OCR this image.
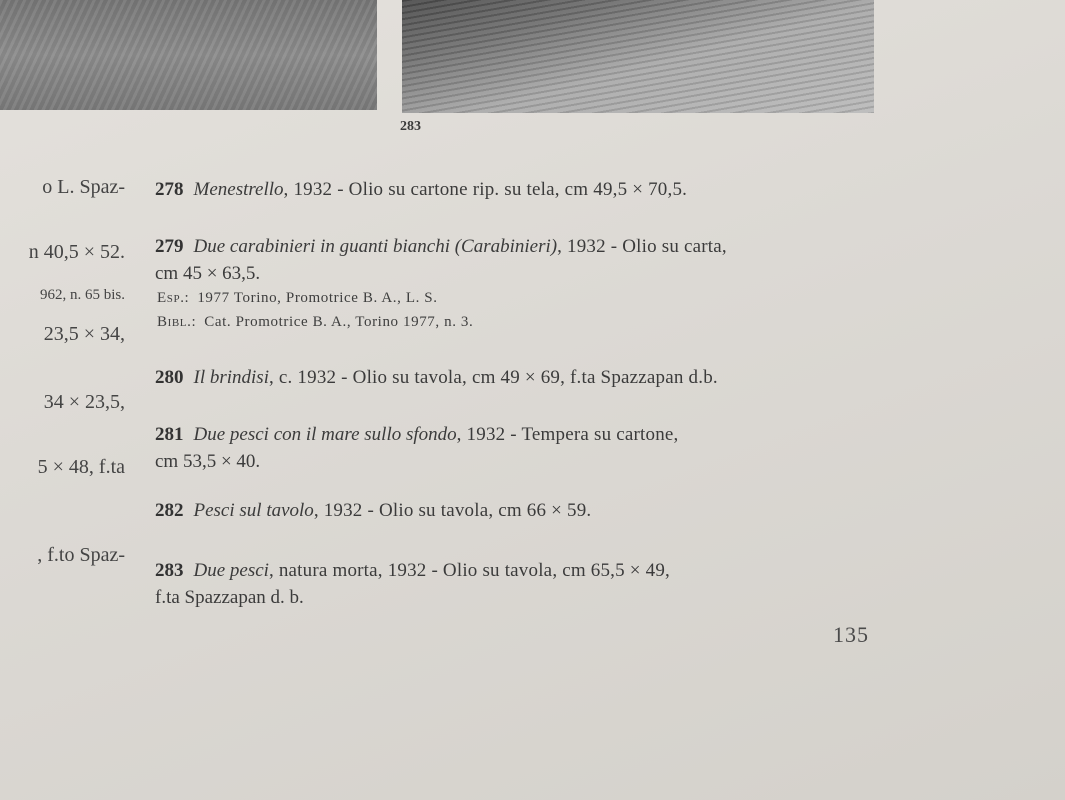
283
o L. Spaz-
n 40,5 × 52.
962, n. 65 bis.
23,5 × 34,
34 × 23,5,
5 × 48, f.ta
, f.to Spaz-
278 Menestrello, 1932 - Olio su cartone rip. su tela, cm 49,5 × 70,5.
279 Due carabinieri in guanti bianchi (Carabinieri), 1932 - Olio su carta,
cm 45 × 63,5.
Esp.: 1977 Torino, Promotrice B. A., L. S.
Bibl.: Cat. Promotrice B. A., Torino 1977, n. 3.
280 Il brindisi, c. 1932 - Olio su tavola, cm 49 × 69, f.ta Spazzapan d.b.
281 Due pesci con il mare sullo sfondo, 1932 - Tempera su cartone,
cm 53,5 × 40.
282 Pesci sul tavolo, 1932 - Olio su tavola, cm 66 × 59.
283 Due pesci, natura morta, 1932 - Olio su tavola, cm 65,5 × 49,
f.ta Spazzapan d. b.
135
